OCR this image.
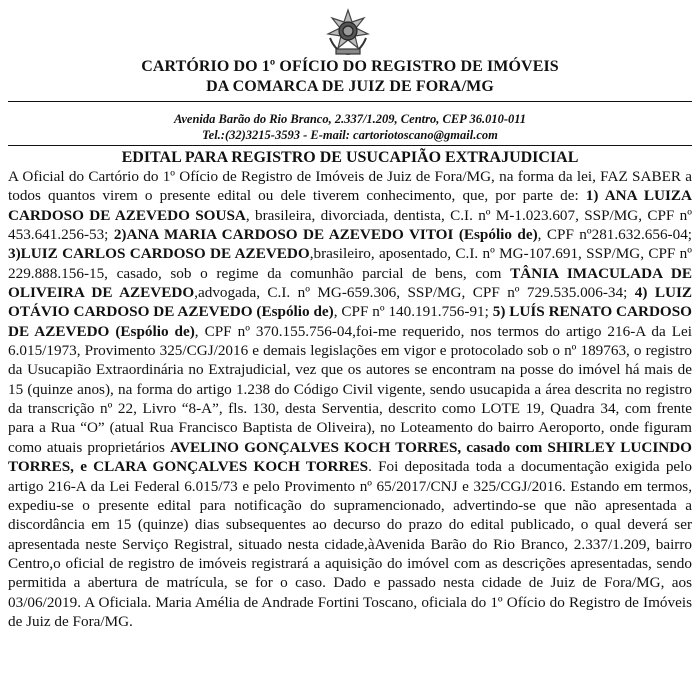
CARTÓRIO DO 1º OFÍCIO DO REGISTRO DE IMÓVEIS
DA COMARCA DE JUIZ DE FORA/MG
Avenida Barão do Rio Branco, 2.337/1.209, Centro, CEP 36.010-011
Tel.:(32)3215-3593 - E-mail: cartoriotoscano@gmail.com
EDITAL PARA REGISTRO DE USUCAPIÃO EXTRAJUDICIAL
A Oficial do Cartório do 1º Ofício de Registro de Imóveis de Juiz de Fora/MG, na forma da lei, FAZ SABER a todos quantos virem o presente edital ou dele tiverem conhecimento, que, por parte de: 1) ANA LUIZA CARDOSO DE AZEVEDO SOUSA, brasileira, divorciada, dentista, C.I. nº M-1.023.607, SSP/MG, CPF nº 453.641.256-53; 2)ANA MARIA CARDOSO DE AZEVEDO VITOI (Espólio de), CPF nº281.632.656-04; 3)LUIZ CARLOS CARDOSO DE AZEVEDO,brasileiro, aposentado, C.I. nº MG-107.691, SSP/MG, CPF nº 229.888.156-15, casado, sob o regime da comunhão parcial de bens, com TÂNIA IMACULADA DE OLIVEIRA DE AZEVEDO,advogada, C.I. nº MG-659.306, SSP/MG, CPF nº 729.535.006-34; 4) LUIZ OTÁVIO CARDOSO DE AZEVEDO (Espólio de), CPF nº 140.191.756-91; 5) LUÍS RENATO CARDOSO DE AZEVEDO (Espólio de), CPF nº 370.155.756-04,foi-me requerido, nos termos do artigo 216-A da Lei 6.015/1973, Provimento 325/CGJ/2016 e demais legislações em vigor e protocolado sob o nº 189763, o registro da Usucapião Extraordinária no Extrajudicial, vez que os autores se encontram na posse do imóvel há mais de 15 (quinze anos), na forma do artigo 1.238 do Código Civil vigente, sendo usucapida a área descrita no registro da transcrição nº 22, Livro “8-A”, fls. 130, desta Serventia, descrito como LOTE 19, Quadra 34, com frente para a Rua “O” (atual Rua Francisco Baptista de Oliveira), no Loteamento do bairro Aeroporto, onde figuram como atuais proprietários AVELINO GONÇALVES KOCH TORRES, casado com SHIRLEY LUCINDO TORRES, e CLARA GONÇALVES KOCH TORRES. Foi depositada toda a documentação exigida pelo artigo 216-A da Lei Federal 6.015/73 e pelo Provimento nº 65/2017/CNJ e 325/CGJ/2016. Estando em termos, expediu-se o presente edital para notificação do supramencionado, advertindo-se que não apresentada a discordância em 15 (quinze) dias subsequentes ao decurso do prazo do edital publicado, o qual deverá ser apresentada neste Serviço Registral, situado nesta cidade,àAvenida Barão do Rio Branco, 2.337/1.209, bairro Centro,o oficial de registro de imóveis registrará a aquisição do imóvel com as descrições apresentadas, sendo permitida a abertura de matrícula, se for o caso. Dado e passado nesta cidade de Juiz de Fora/MG, aos 03/06/2019. A Oficiala. Maria Amélia de Andrade Fortini Toscano, oficiala do 1º Ofício do Registro de Imóveis de Juiz de Fora/MG.
